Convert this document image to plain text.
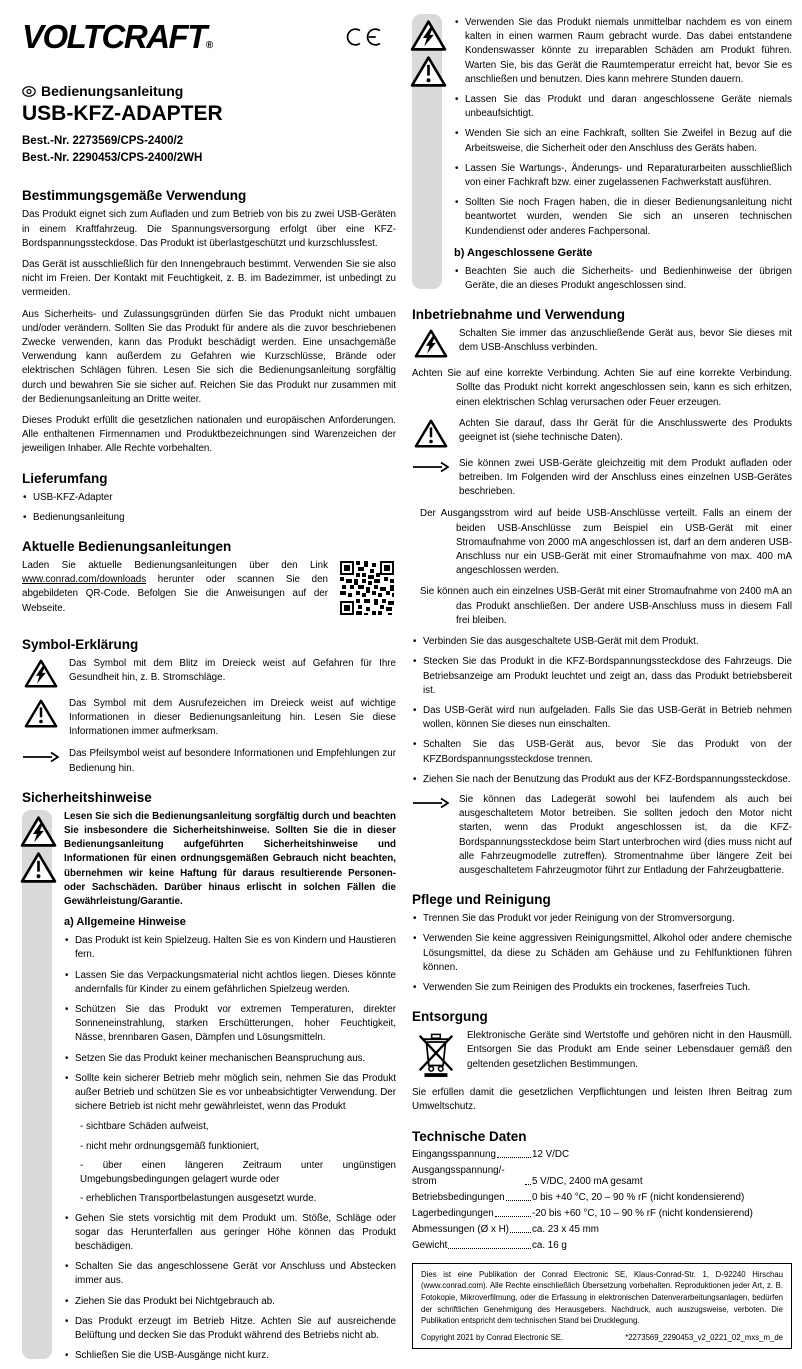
VOLTCRAFT®
Bedienungsanleitung
USB-KFZ-ADAPTER
Best.-Nr. 2273569/CPS-2400/2
Best.-Nr. 2290453/CPS-2400/2WH
Bestimmungsgemäße Verwendung

Das Produkt eignet sich zum Aufladen und zum Betrieb von bis zu zwei USB-Geräten in einem Kraftfahrzeug. Die Spannungsversorgung erfolgt über eine KFZ-Bordspannungssteckdose. Das Produkt ist überlastgeschützt und kurzschlussfest.

Das Gerät ist ausschließlich für den Innengebrauch bestimmt. Verwenden Sie sie also nicht im Freien. Der Kontakt mit Feuchtigkeit, z. B. im Badezimmer, ist unbedingt zu vermeiden.

Aus Sicherheits- und Zulassungsgründen dürfen Sie das Produkt nicht umbauen und/oder verändern. Sollten Sie das Produkt für andere als die zuvor beschriebenen Zwecke verwenden, kann das Produkt beschädigt werden. Eine unsachgemäße Verwendung kann außerdem zu Gefahren wie Kurzschlüsse, Brände oder elektrischen Schlägen führen. Lesen Sie sich die Bedienungsanleitung sorgfältig durch und bewahren Sie sie sicher auf. Reichen Sie das Produkt nur zusammen mit der Bedienungsanleitung an Dritte weiter.

Dieses Produkt erfüllt die gesetzlichen nationalen und europäischen Anforderungen. Alle enthaltenen Firmennamen und Produktbezeichnungen sind Warenzeichen der jeweiligen Inhaber. Alle Rechte vorbehalten.

Lieferumfang
• USB-KFZ-Adapter
• Bedienungsanleitung
Aktuelle Bedienungsanleitungen

Laden Sie aktuelle Bedienungsanleitungen über den Link www.conrad.com/downloads herunter oder scannen Sie den abgebildeten QR-Code. Befolgen Sie die Anweisungen auf der Webseite.

Symbol-Erklärung
Das Symbol mit dem Blitz im Dreieck weist auf Gefahren für Ihre Gesundheit hin, z. B. Stromschläge.
Das Symbol mit dem Ausrufezeichen im Dreieck weist auf wichtige Informationen in dieser Bedienungsanleitung hin. Lesen Sie diese Informationen immer aufmerksam.
Das Pfeilsymbol weist auf besondere Informationen und Empfehlungen zur Bedienung hin.
Sicherheitshinweise

Lesen Sie sich die Bedienungsanleitung sorgfältig durch und beachten Sie insbesondere die Sicherheitshinweise. Sollten Sie die in dieser Bedienungsanleitung aufgeführten Sicherheitshinweise und Informationen für einen ordnungsgemäßen Gebrauch nicht beachten, übernehmen wir keine Haftung für daraus resultierende Personen- oder Sachschäden. Darüber hinaus erlischt in solchen Fällen die Gewährleistung/Garantie.

a) Allgemeine Hinweise
• Das Produkt ist kein Spielzeug. Halten Sie es von Kindern und Haustieren fern.
• Lassen Sie das Verpackungsmaterial nicht achtlos liegen. Dieses könnte andernfalls für Kinder zu einem gefährlichen Spielzeug werden.
• Schützen Sie das Produkt vor extremen Temperaturen, direkter Sonneneinstrahlung, starken Erschütterungen, hoher Feuchtigkeit, Nässe, brennbaren Gasen, Dämpfen und Lösungsmitteln.
• Setzen Sie das Produkt keiner mechanischen Beanspruchung aus.
• Sollte kein sicherer Betrieb mehr möglich sein, nehmen Sie das Produkt außer Betrieb und schützen Sie es vor unbeabsichtigter Verwendung. Der sichere Betrieb ist nicht mehr gewährleistet, wenn das Produkt
- sichtbare Schäden aufweist,
- nicht mehr ordnungsgemäß funktioniert,
- über einen längeren Zeitraum unter ungünstigen Umgebungsbedingungen gelagert wurde oder
- erheblichen Transportbelastungen ausgesetzt wurde.
• Gehen Sie stets vorsichtig mit dem Produkt um. Stöße, Schläge oder sogar das Herunterfallen aus geringer Höhe können das Produkt beschädigen.
• Schalten Sie das angeschlossene Gerät vor Anschluss und Abstecken immer aus.
• Ziehen Sie das Produkt bei Nichtgebrauch ab.
• Das Produkt erzeugt im Betrieb Hitze. Achten Sie auf ausreichende Belüftung und decken Sie das Produkt während des Betriebs nicht ab.
• Schließen Sie die USB-Ausgänge nicht kurz.
• Verwenden Sie das Produkt niemals unmittelbar nachdem es von einem kalten in einen warmen Raum gebracht wurde. Das dabei entstandene Kondenswasser könnte zu irreparablen Schäden am Produkt führen. Warten Sie, bis das Gerät die Raumtemperatur erreicht hat, bevor Sie es anschließen und benutzen. Dies kann mehrere Stunden dauern.
• Lassen Sie das Produkt und daran angeschlossene Geräte niemals unbeaufsichtigt.
• Wenden Sie sich an eine Fachkraft, sollten Sie Zweifel in Bezug auf die Arbeitsweise, die Sicherheit oder den Anschluss des Geräts haben.
• Lassen Sie Wartungs-, Änderungs- und Reparaturarbeiten ausschließlich von einer Fachkraft bzw. einer zugelassenen Fachwerkstatt ausführen.
• Sollten Sie noch Fragen haben, die in dieser Bedienungsanleitung nicht beantwortet wurden, wenden Sie sich an unseren technischen Kundendienst oder anderes Fachpersonal.
b) Angeschlossene Geräte
• Beachten Sie auch die Sicherheits- und Bedienhinweise der übrigen Geräte, die an dieses Produkt angeschlossen sind.
Inbetriebnahme und Verwendung
Schalten Sie immer das anzuschließende Gerät aus, bevor Sie dieses mit dem USB-Anschluss verbinden.

Achten Sie auf eine korrekte Verbindung. Achten Sie auf eine korrekte Verbindung. Sollte das Produkt nicht korrekt angeschlossen sein, kann es sich erhitzen, einen elektrischen Schlag verursachen oder Feuer erzeugen.

Achten Sie darauf, dass Ihr Gerät für die Anschlusswerte des Produkts geeignet ist (siehe technische Daten).
Sie können zwei USB-Geräte gleichzeitig mit dem Produkt aufladen oder betreiben. Im Folgenden wird der Anschluss eines einzelnen USB-Gerätes beschrieben.

Der Ausgangsstrom wird auf beide USB-Anschlüsse verteilt. Falls an einem der beiden USB-Anschlüsse zum Beispiel ein USB-Gerät mit einer Stromaufnahme von 2000 mA angeschlossen ist, darf an dem anderen USB-Anschluss nur ein USB-Gerät mit einer Stromaufnahme von max. 400 mA angeschlossen werden.

Sie können auch ein einzelnes USB-Gerät mit einer Stromaufnahme von 2400 mA an das Produkt anschließen. Der andere USB-Anschluss muss in diesem Fall frei bleiben.

• Verbinden Sie das ausgeschaltete USB-Gerät mit dem Produkt.
• Stecken Sie das Produkt in die KFZ-Bordspannungssteckdose des Fahrzeugs. Die Betriebsanzeige am Produkt leuchtet und zeigt an, dass das Produkt betriebsbereit ist.
• Das USB-Gerät wird nun aufgeladen. Falls Sie das USB-Gerät in Betrieb nehmen wollen, können Sie dieses nun einschalten.
• Schalten Sie das USB-Gerät aus, bevor Sie das Produkt von der KFZBordspannungssteckdose trennen.
• Ziehen Sie nach der Benutzung das Produkt aus der KFZ-Bordspannungssteckdose.
Sie können das Ladegerät sowohl bei laufendem als auch bei ausgeschaltetem Motor betreiben. Sie sollten jedoch den Motor nicht starten, wenn das Produkt angeschlossen ist, da die KFZ-Bordspannungssteckdose beim Start unterbrochen wird (dies muss nicht auf alle Fahrzeugmodelle zutreffen). Stromentnahme über längere Zeit bei ausgeschaltetem Fahrzeugmotor führt zur Entladung der Fahrzeugbatterie.
Pflege und Reinigung
• Trennen Sie das Produkt vor jeder Reinigung von der Stromversorgung.
• Verwenden Sie keine aggressiven Reinigungsmittel, Alkohol oder andere chemische Lösungsmittel, da diese zu Schäden am Gehäuse und zu Fehlfunktionen führen können.
• Verwenden Sie zum Reinigen des Produkts ein trockenes, faserfreies Tuch.
Entsorgung
Elektronische Geräte sind Wertstoffe und gehören nicht in den Hausmüll. Entsorgen Sie das Produkt am Ende seiner Lebensdauer gemäß den geltenden gesetzlichen Bestimmungen.

Sie erfüllen damit die gesetzlichen Verpflichtungen und leisten Ihren Beitrag zum Umweltschutz.

Technische Daten
Eingangsspannung	12 V/DC
Ausgangsspannung/-strom	5 V/DC, 2400 mA gesamt
Betriebsbedingungen	0 bis +40 °C, 20 – 90 % rF (nicht kondensierend)
Lagerbedingungen	-20 bis +60 °C, 10 – 90 % rF (nicht kondensierend)
Abmessungen (Ø x H) ca. 23 x 45 mm
Gewicht	ca. 16 g

Dies ist eine Publikation der Conrad Electronic SE, Klaus-Conrad-Str. 1, D-92240 Hirschau (www.conrad.com). Alle Rechte einschließlich Übersetzung vorbehalten. Reproduktionen jeder Art, z. B. Fotokopie, Mikroverfilmung, oder die Erfassung in elektronischen Datenverarbeitungsanlagen, bedürfen der schriftlichen Genehmigung des Herausgebers. Nachdruck, auch auszugsweise, verboten. Die Publikation entspricht dem technischen Stand bei Drucklegung.

Copyright 2021 by Conrad Electronic SE.	*2273569_2290453_v2_0221_02_mxs_m_de
